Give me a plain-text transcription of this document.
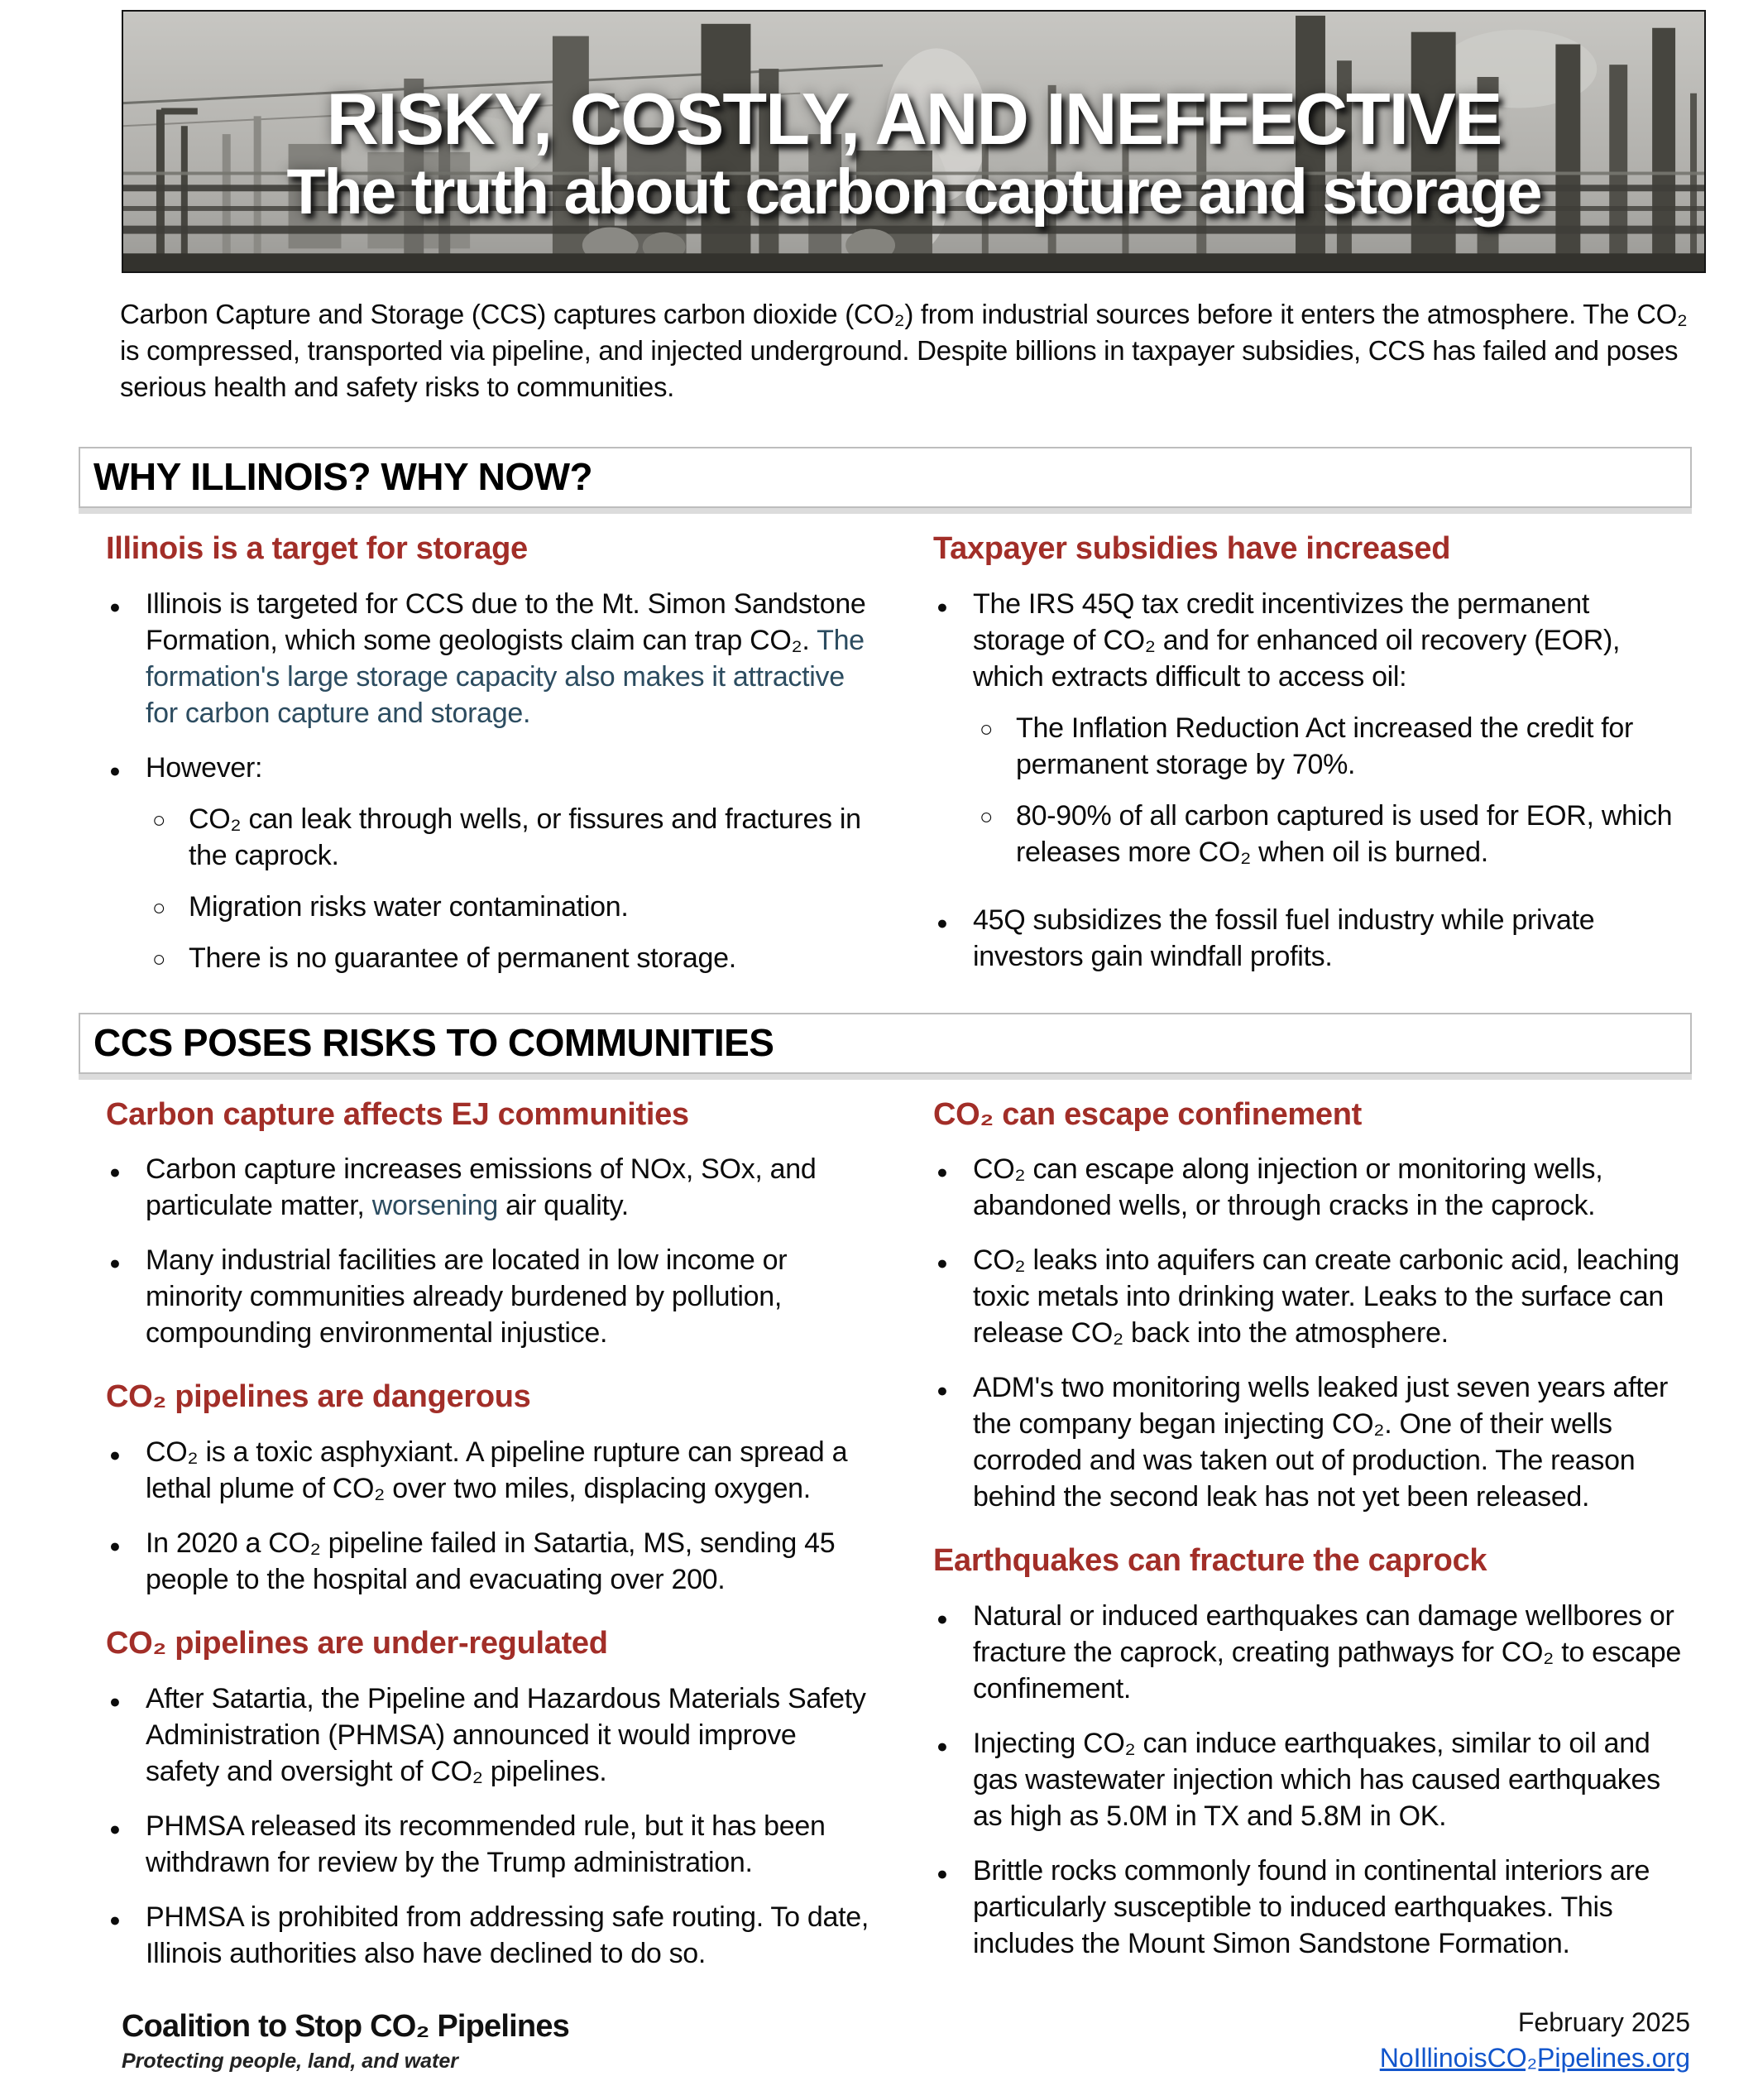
RISKY, COSTLY, AND INEFFECTIVE
The truth about carbon capture and storage

Carbon Capture and Storage (CCS) captures carbon dioxide (CO₂) from industrial sources before it enters the atmosphere. The CO₂ is compressed, transported via pipeline, and injected underground. Despite billions in taxpayer subsidies, CCS has failed and poses serious health and safety risks to communities.

WHY ILLINOIS? WHY NOW?
Illinois is a target for storage
● Illinois is targeted for CCS due to the Mt. Simon Sandstone Formation, which some geologists claim can trap CO₂. The formation's large storage capacity also makes it attractive for carbon capture and storage.
● However:
○ CO₂ can leak through wells, or fissures and fractures in the caprock.
○ Migration risks water contamination.
○ There is no guarantee of permanent storage.
Taxpayer subsidies have increased
● The IRS 45Q tax credit incentivizes the permanent storage of CO₂ and for enhanced oil recovery (EOR), which extracts difficult to access oil:
○ The Inflation Reduction Act increased the credit for permanent storage by 70%.
○ 80-90% of all carbon captured is used for EOR, which releases more CO₂ when oil is burned.
● 45Q subsidizes the fossil fuel industry while private investors gain windfall profits.
CCS POSES RISKS TO COMMUNITIES
Carbon capture affects EJ communities
● Carbon capture increases emissions of NOx, SOx, and particulate matter, worsening air quality.
● Many industrial facilities are located in low income or minority communities already burdened by pollution, compounding environmental injustice.
CO₂ pipelines are dangerous
● CO₂ is a toxic asphyxiant. A pipeline rupture can spread a lethal plume of CO₂ over two miles, displacing oxygen.
● In 2020 a CO₂ pipeline failed in Satartia, MS, sending 45 people to the hospital and evacuating over 200.
CO₂ pipelines are under-regulated
● After Satartia, the Pipeline and Hazardous Materials Safety Administration (PHMSA) announced it would improve safety and oversight of CO₂ pipelines.
● PHMSA released its recommended rule, but it has been withdrawn for review by the Trump administration.
● PHMSA is prohibited from addressing safe routing. To date, Illinois authorities also have declined to do so.
CO₂ can escape confinement
● CO₂ can escape along injection or monitoring wells, abandoned wells, or through cracks in the caprock.
● CO₂ leaks into aquifers can create carbonic acid, leaching toxic metals into drinking water. Leaks to the surface can release CO₂ back into the atmosphere.
● ADM's two monitoring wells leaked just seven years after the company began injecting CO₂. One of their wells corroded and was taken out of production. The reason behind the second leak has not yet been released.
Earthquakes can fracture the caprock
● Natural or induced earthquakes can damage wellbores or fracture the caprock, creating pathways for CO₂ to escape confinement.
● Injecting CO₂ can induce earthquakes, similar to oil and gas wastewater injection which has caused earthquakes as high as 5.0M in TX and 5.8M in OK.
● Brittle rocks commonly found in continental interiors are particularly susceptible to induced earthquakes. This includes the Mount Simon Sandstone Formation.
Coalition to Stop CO₂ Pipelines
Protecting people, land, and water
February 2025
NoIllinoisCO₂Pipelines.org
